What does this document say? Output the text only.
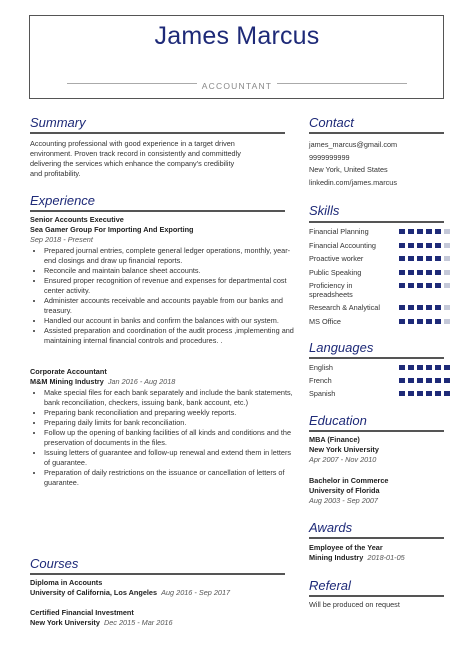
James Marcus
ACCOUNTANT
Summary
Accounting professional with good experience in a target driven
environment. Proven track record in consistently and committedly
delivering the services which enhance the company's credibility
and profitability.
Experience
Senior Accounts Executive
Sea Gamer Group For Importing And Exporting
Sep 2018 - Present
• Prepared journal entries, complete general ledger operations, monthly, year-end closings and draw up financial reports.
• Reconcile and maintain balance sheet accounts.
• Ensured proper recognition of revenue and expenses for departmental cost center activity.
• Administer accounts receivable and accounts payable from our banks and treasury.
• Handled our account in banks and confirm the balances with our system.
• Assisted preparation and coordination of the audit process ,implementing and maintaining internal financial controls and procedures. .
Corporate Accountant
M&M Mining Industry Jan 2016 - Aug 2018
• Make special files for each bank separately and include the bank statements, bank reconciliation, checkers, issuing bank, bank account, etc.)
• Preparing bank reconciliation and preparing weekly reports.
• Preparing daily limits for bank reconciliation.
• Follow up the opening of banking facilities of all kinds and conditions and the preservation of documents in the files.
• Issuing letters of guarantee and follow-up renewal and extend them in letters of guarantee.
• Preparation of daily restrictions on the issuance or cancellation of letters of guarantee.
Courses
Diploma in Accounts
University of California, Los Angeles Aug 2016 - Sep 2017
Certified Financial Investment
New York University Dec 2015 - Mar 2016
Contact
james_marcus@gmail.com
9999999999
New York, United States
linkedin.com/james.marcus
Skills
Financial Planning
Financial Accounting
Proactive worker
Public Speaking
Proficiency in
spreadsheets
Research & Analytical
MS Office
Languages
English
French
Spanish
Education
MBA (Finance)
New York University
Apr 2007 - Nov 2010
Bachelor in Commerce
University of Florida
Aug 2003 - Sep 2007
Awards
Employee of the Year
Mining Industry 2018-01-05
Referal
Will be produced on request
